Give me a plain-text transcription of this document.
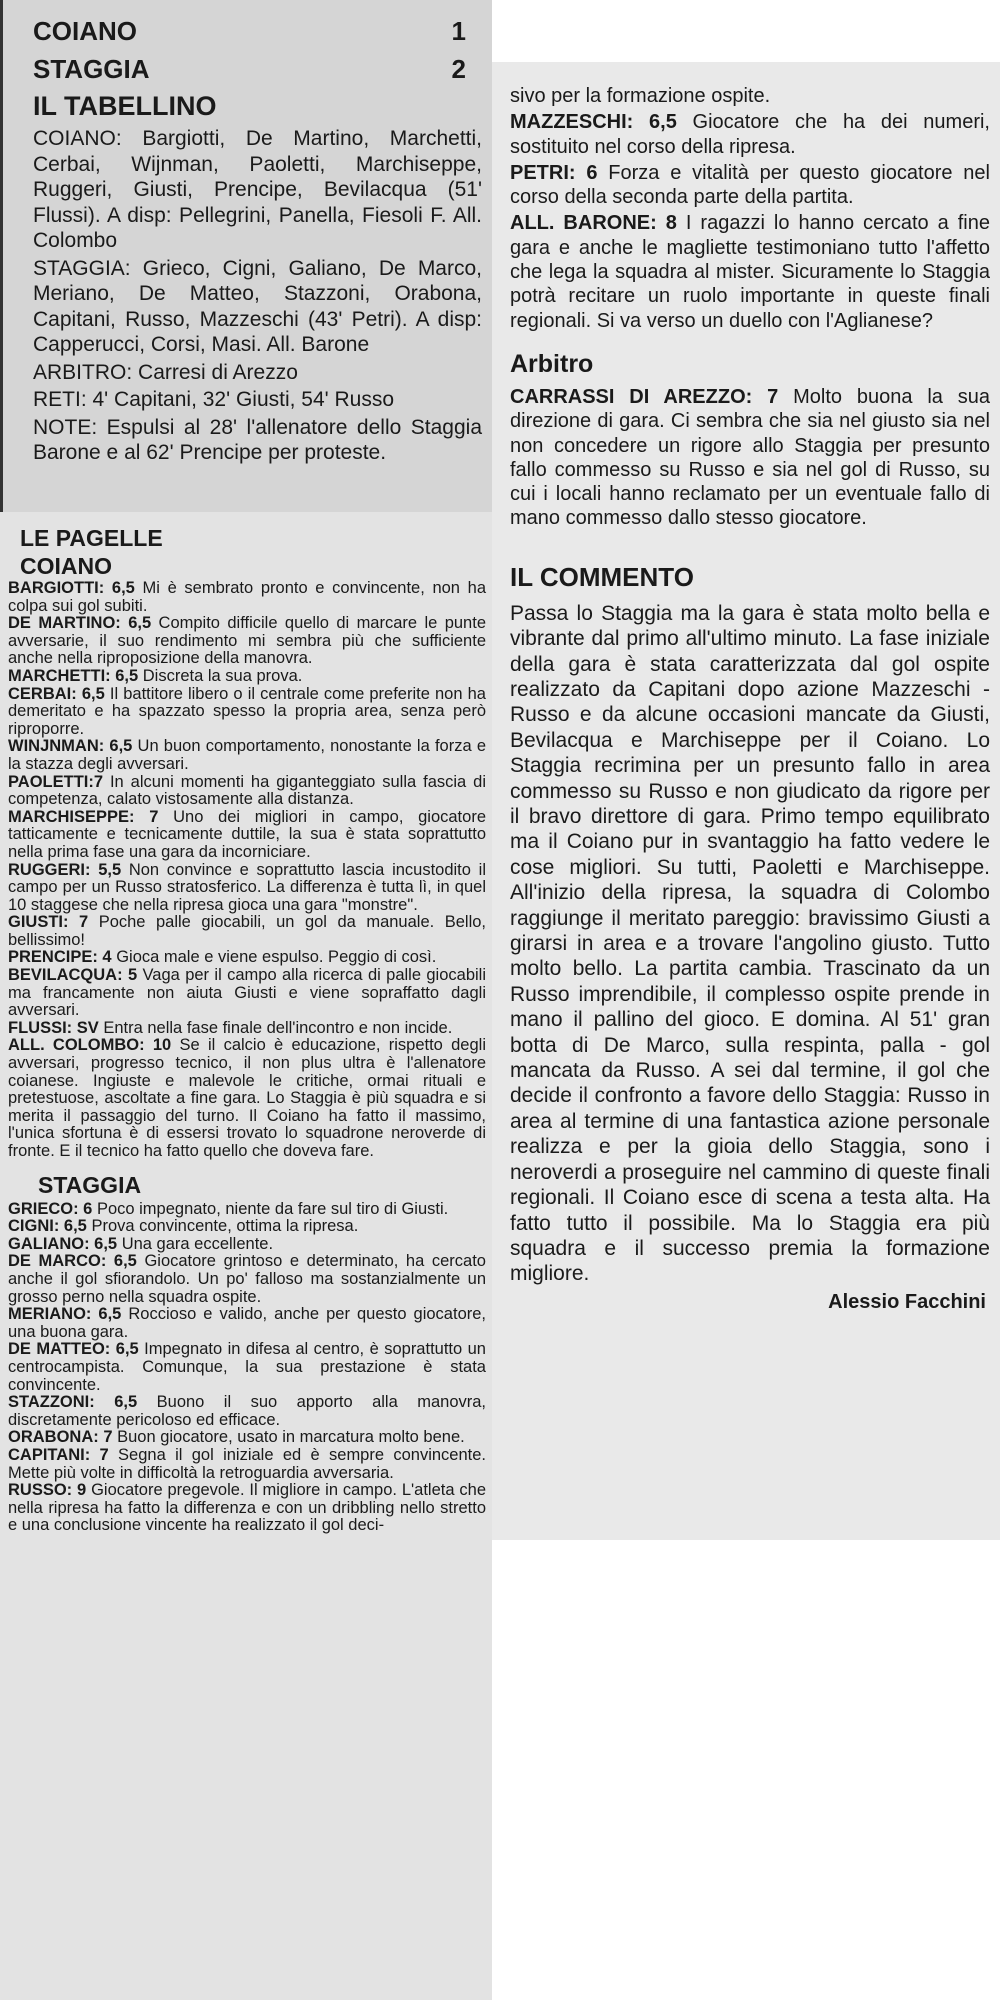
COIANO	1
STAGGIA	2
IL TABELLINO

COIANO: Bargiotti, De Martino, Marchetti, Cerbai, Wijnman, Paoletti, Marchiseppe, Ruggeri, Giusti, Prencipe, Bevilacqua (51' Flussi). A disp: Pellegrini, Panella, Fiesoli F. All. Colombo

STAGGIA: Grieco, Cigni, Galiano, De Marco, Meriano, De Matteo, Stazzoni, Orabona, Capitani, Russo, Mazzeschi (43' Petri). A disp: Capperucci, Corsi, Masi. All. Barone

ARBITRO: Carresi di Arezzo

RETI: 4' Capitani, 32' Giusti, 54' Russo

NOTE: Espulsi al 28' l'allenatore dello Staggia Barone e al 62' Prencipe per proteste.

LE PAGELLE
COIANO

BARGIOTTI: 6,5 Mi è sembrato pronto e convincente, non ha colpa sui gol subiti.

DE MARTINO: 6,5 Compito difficile quello di marcare le punte avversarie, il suo rendimento mi sembra più che sufficiente anche nella riproposizione della manovra.

MARCHETTI: 6,5 Discreta la sua prova.

CERBAI: 6,5 Il battitore libero o il centrale come preferite non ha demeritato e ha spazzato spesso la propria area, senza però riproporre.

WINJNMAN: 6,5 Un buon comportamento, nonostante la forza e la stazza degli avversari.

PAOLETTI:7 In alcuni momenti ha giganteggiato sulla fascia di competenza, calato vistosamente alla distanza.

MARCHISEPPE: 7 Uno dei migliori in campo, giocatore tatticamente e tecnicamente duttile, la sua è stata soprattutto nella prima fase una gara da incorniciare.

RUGGERI: 5,5 Non convince e soprattutto lascia incustodito il campo per un Russo stratosferico. La differenza è tutta lì, in quel 10 staggese che nella ripresa gioca una gara "monstre".

GIUSTI: 7 Poche palle giocabili, un gol da manuale. Bello, bellissimo!

PRENCIPE: 4 Gioca male e viene espulso. Peggio di così.

BEVILACQUA: 5 Vaga per il campo alla ricerca di palle giocabili ma francamente non aiuta Giusti e viene sopraffatto dagli avversari.

FLUSSI: SV Entra nella fase finale dell'incontro e non incide.

ALL. COLOMBO: 10 Se il calcio è educazione, rispetto degli avversari, progresso tecnico, il non plus ultra è l'allenatore coianese. Ingiuste e malevole le critiche, ormai rituali e pretestuose, ascoltate a fine gara. Lo Staggia è più squadra e si merita il passaggio del turno. Il Coiano ha fatto il massimo, l'unica sfortuna è di essersi trovato lo squadrone neroverde di fronte. E il tecnico ha fatto quello che doveva fare.

STAGGIA

GRIECO: 6 Poco impegnato, niente da fare sul tiro di Giusti.

CIGNI: 6,5 Prova convincente, ottima la ripresa.

GALIANO: 6,5 Una gara eccellente.

DE MARCO: 6,5 Giocatore grintoso e determinato, ha cercato anche il gol sfiorandolo. Un po' falloso ma sostanzialmente un grosso perno nella squadra ospite.

MERIANO: 6,5 Roccioso e valido, anche per questo giocatore, una buona gara.

DE MATTEO: 6,5 Impegnato in difesa al centro, è soprattutto un centrocampista. Comunque, la sua prestazione è stata convincente.

STAZZONI: 6,5 Buono il suo apporto alla manovra, discretamente pericoloso ed efficace.

ORABONA: 7 Buon giocatore, usato in marcatura molto bene.

CAPITANI: 7 Segna il gol iniziale ed è sempre convincente. Mette più volte in difficoltà la retroguardia avversaria.

RUSSO: 9 Giocatore pregevole. Il migliore in campo. L'atleta che nella ripresa ha fatto la differenza e con un dribbling nello stretto e una conclusione vincente ha realizzato il gol deci-

sivo per la formazione ospite.

MAZZESCHI: 6,5 Giocatore che ha dei numeri, sostituito nel corso della ripresa.

PETRI: 6 Forza e vitalità per questo giocatore nel corso della seconda parte della partita.

ALL. BARONE: 8 I ragazzi lo hanno cercato a fine gara e anche le magliette testimoniano tutto l'affetto che lega la squadra al mister. Sicuramente lo Staggia potrà recitare un ruolo importante in queste finali regionali. Si va verso un duello con l'Aglianese?

Arbitro

CARRASSI DI AREZZO: 7 Molto buona la sua direzione di gara. Ci sembra che sia nel giusto sia nel non concedere un rigore allo Staggia per presunto fallo commesso su Russo e sia nel gol di Russo, su cui i locali hanno reclamato per un eventuale fallo di mano commesso dallo stesso giocatore.

IL COMMENTO

Passa lo Staggia ma la gara è stata molto bella e vibrante dal primo all'ultimo minuto. La fase iniziale della gara è stata caratterizzata dal gol ospite realizzato da Capitani dopo azione Mazzeschi - Russo e da alcune occasioni mancate da Giusti, Bevilacqua e Marchiseppe per il Coiano. Lo Staggia recrimina per un presunto fallo in area commesso su Russo e non giudicato da rigore per il bravo direttore di gara. Primo tempo equilibrato ma il Coiano pur in svantaggio ha fatto vedere le cose migliori. Su tutti, Paoletti e Marchiseppe. All'inizio della ripresa, la squadra di Colombo raggiunge il meritato pareggio: bravissimo Giusti a girarsi in area e a trovare l'angolino giusto. Tutto molto bello. La partita cambia. Trascinato da un Russo imprendibile, il complesso ospite prende in mano il pallino del gioco. E domina. Al 51' gran botta di De Marco, sulla respinta, palla - gol mancata da Russo. A sei dal termine, il gol che decide il confronto a favore dello Staggia: Russo in area al termine di una fantastica azione personale realizza e per la gioia dello Staggia, sono i neroverdi a proseguire nel cammino di queste finali regionali. Il Coiano esce di scena a testa alta. Ha fatto tutto il possibile. Ma lo Staggia era più squadra e il successo premia la formazione migliore.

Alessio Facchini
